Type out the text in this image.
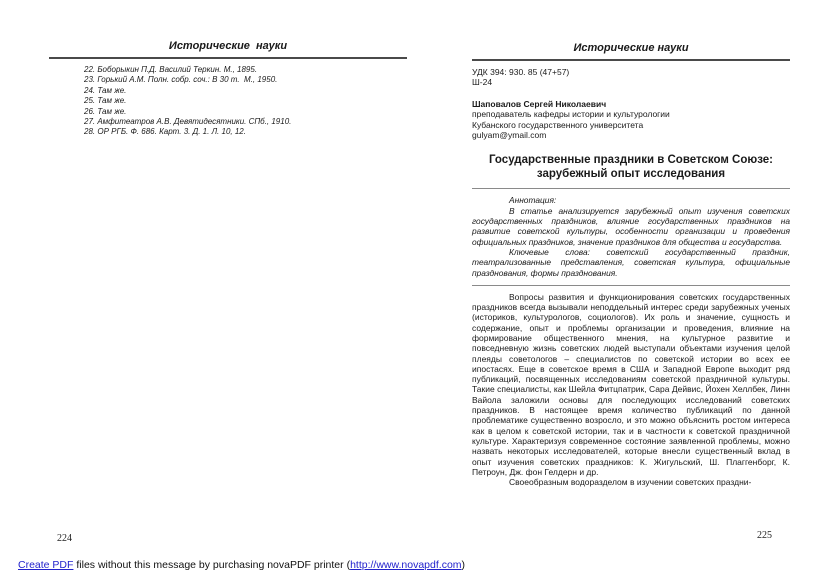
Исторические  науки
22. Боборыкин П.Д. Василий Теркин. М., 1895.
23. Горький А.М. Полн. собр. соч.: В 30 т.  М., 1950.
24. Там же.
25. Там же.
26. Там же.
27. Амфитеатров А.В. Девятидесятники. СПб., 1910.
28. ОР РГБ. Ф. 686. Карт. 3. Д. 1. Л. 10, 12.
224
Исторические науки
УДК 394: 930. 85 (47+57)
Ш-24
Шаповалов Сергей Николаевич
преподаватель кафедры истории и культурологии
Кубанского государственного университета
gulyam@ymail.com
Государственные праздники в Советском Союзе:
зарубежный опыт исследования

Аннотация:

В статье анализируется зарубежный опыт изучения советских государственных праздников, влияние государственных праздников на развитие советской культуры, особенности организации и проведения официальных праздников, значение праздников для общества и государства.

Ключевые слова: советский государственный праздник, театрализованные представления, советская культура, официальные празднования, формы празднования.

Вопросы развития и функционирования советских государственных праздников всегда вызывали неподдельный интерес среди зарубежных ученых (историков, культурологов, социологов). Их роль и значение, сущность и содержание, опыт и проблемы организации и проведения, влияние на формирование общественного мнения, на культурное развитие и повседневную жизнь советских людей выступали объектами изучения целой плеяды советологов – специалистов по советской истории во всех ее ипостасях. Еще в советское время в США и Западной Европе выходит ряд публикаций, посвященных исследованиям советской праздничной культуры. Такие специалисты, как Шейла Фитцпатрик, Сара Дейвис, Йохен Хеллбек, Линн Вайола заложили основы для последующих исследований советских праздников. В настоящее время количество публикаций по данной проблематике существенно возросло, и это можно объяснить ростом интереса как в целом к советской истории, так и в частности к советской праздничной культуре. Характеризуя современное состояние заявленной проблемы, можно назвать некоторых исследователей, которые внесли существенный вклад в опыт изучения советских праздников: К. Жигульский, Ш. Плаггенборг, К. Петроун, Дж. фон Гелдерн и др.

Своеобразным водоразделом в изучении советских праздни-

225
Create PDF files without this message by purchasing novaPDF printer (http://www.novapdf.com)
